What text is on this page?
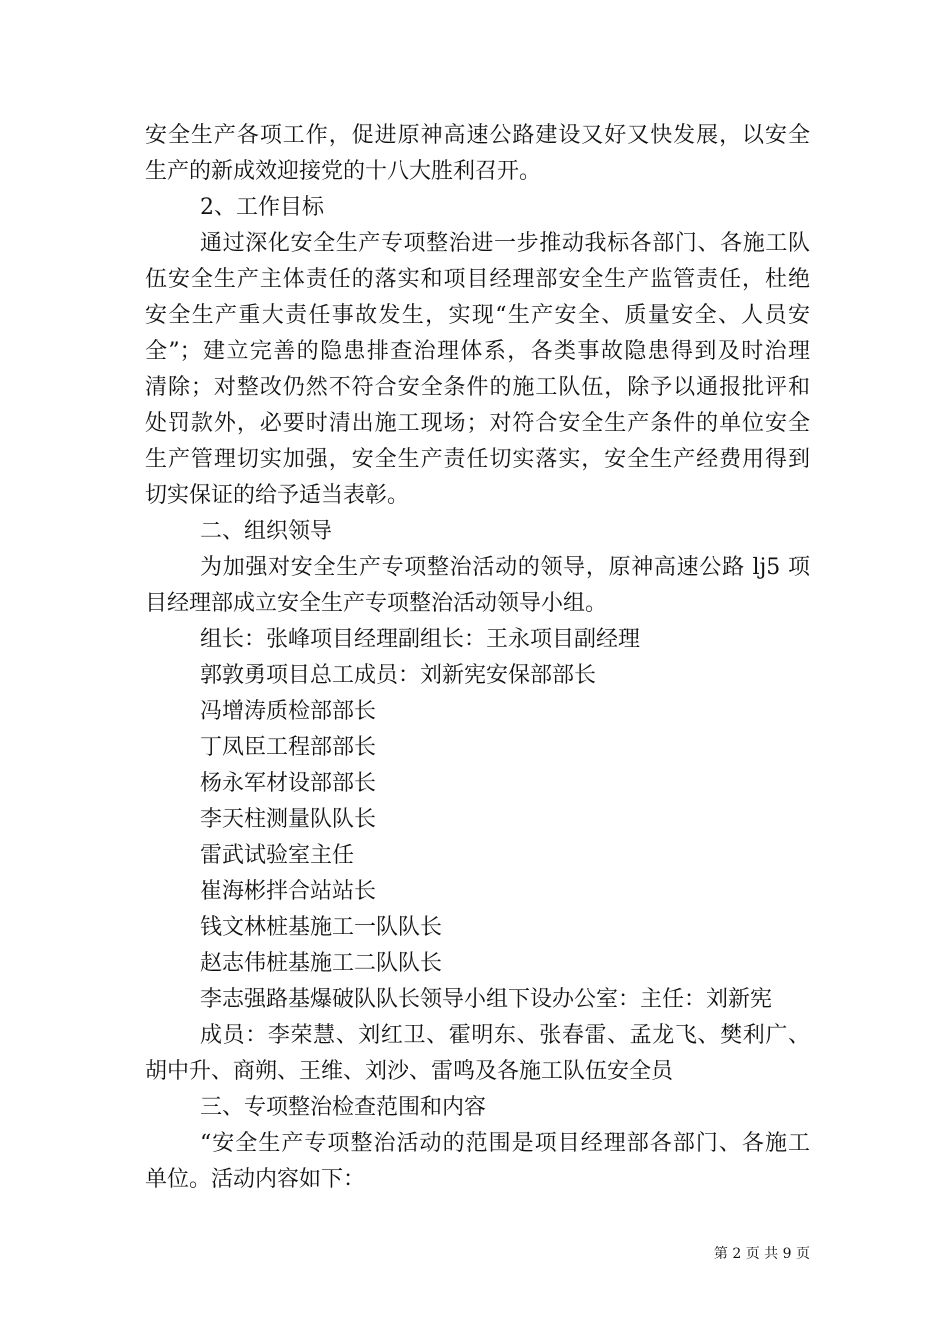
安全生产各项工作，促进原神高速公路建设又好又快发展，以安全
生产的新成效迎接党的十八大胜利召开。
2、工作目标
通过深化安全生产专项整治进一步推动我标各部门、各施工队
伍安全生产主体责任的落实和项目经理部安全生产监管责任，杜绝
安全生产重大责任事故发生，实现“生产安全、质量安全、人员安
全”；建立完善的隐患排查治理体系，各类事故隐患得到及时治理
清除；对整改仍然不符合安全条件的施工队伍，除予以通报批评和
处罚款外，必要时清出施工现场；对符合安全生产条件的单位安全
生产管理切实加强，安全生产责任切实落实，安全生产经费用得到
切实保证的给予适当表彰。
二、组织领导
为加强对安全生产专项整治活动的领导，原神高速公路 lj5 项
目经理部成立安全生产专项整治活动领导小组。
组长：张峰项目经理副组长：王永项目副经理
郭敦勇项目总工成员：刘新宪安保部部长
冯增涛质检部部长
丁凤臣工程部部长
杨永军材设部部长
李天柱测量队队长
雷武试验室主任
崔海彬拌合站站长
钱文林桩基施工一队队长
赵志伟桩基施工二队队长
李志强路基爆破队队长领导小组下设办公室：主任：刘新宪
成员：李荣慧、刘红卫、霍明东、张春雷、孟龙飞、樊利广、
胡中升、商朔、王维、刘沙、雷鸣及各施工队伍安全员
三、专项整治检查范围和内容
“安全生产专项整治活动的范围是项目经理部各部门、各施工
单位。活动内容如下：
第 2 页 共 9 页
